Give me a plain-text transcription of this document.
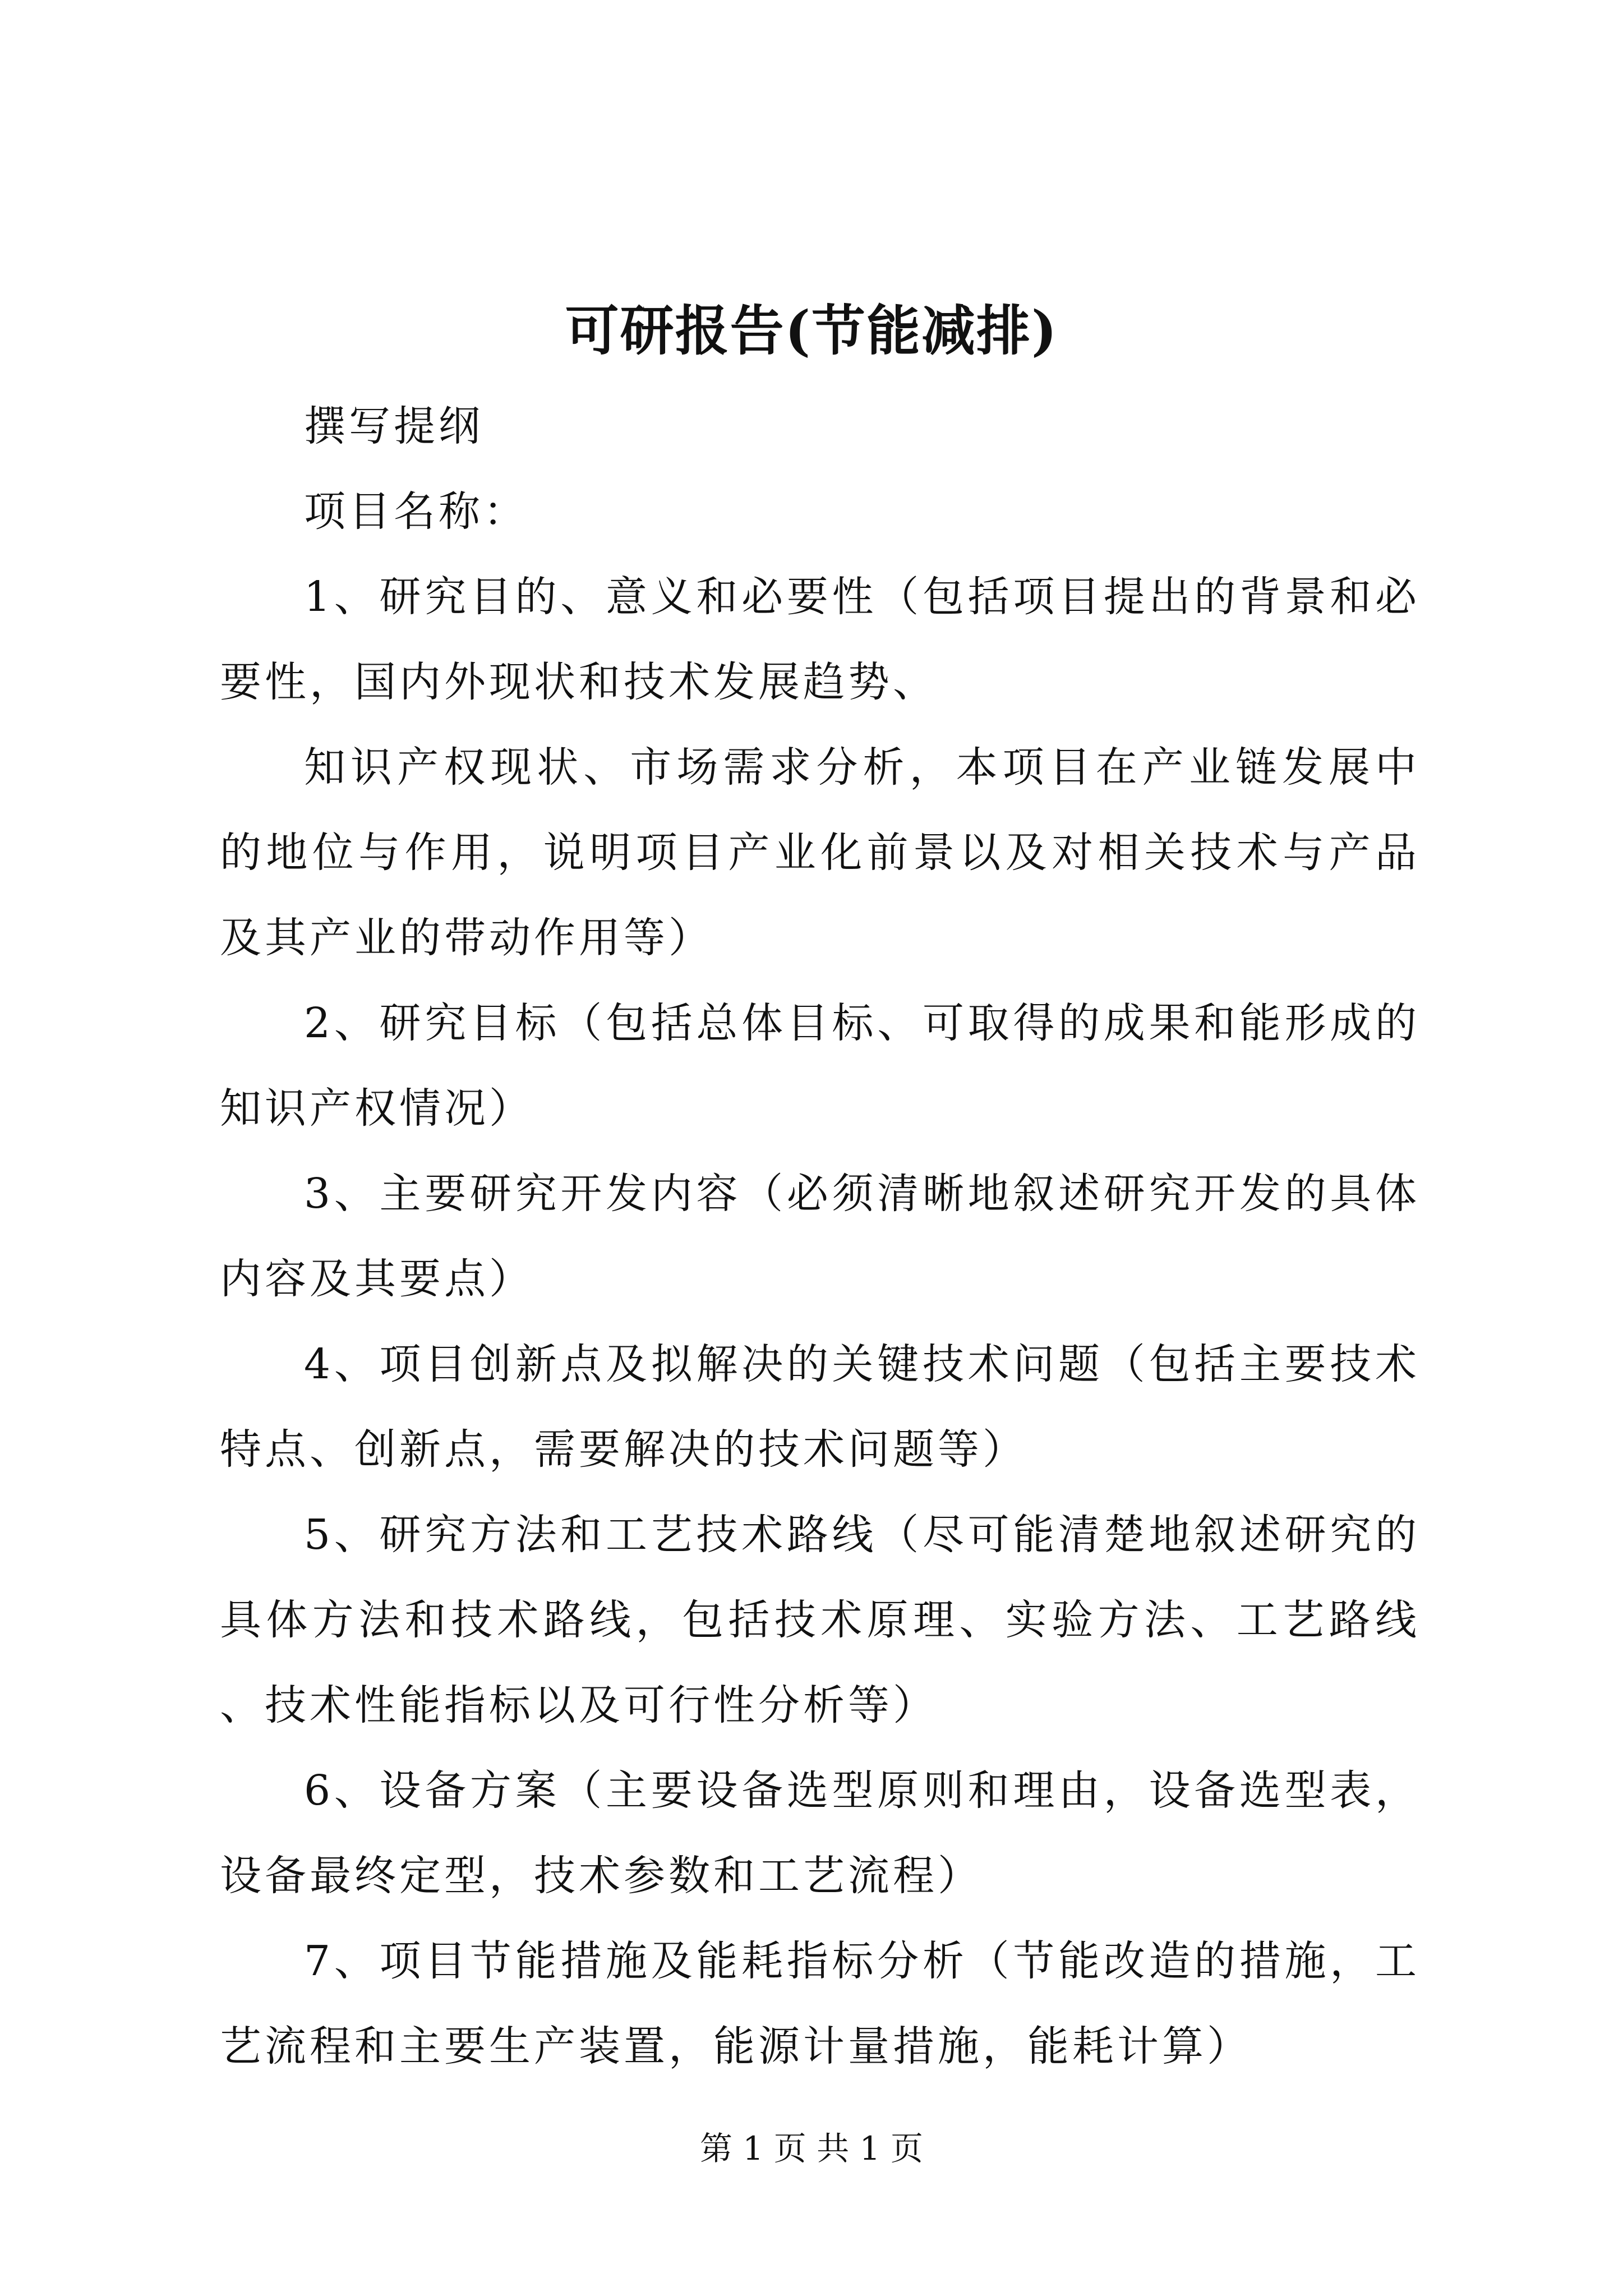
可研报告(节能减排)

撰写提纲

项目名称：

1、研究目的、意义和必要性（包括项目提出的背景和必要性，国内外现状和技术发展趋势、

知识产权现状、市场需求分析，本项目在产业链发展中的地位与作用，说明项目产业化前景以及对相关技术与产品及其产业的带动作用等）

2、研究目标（包括总体目标、可取得的成果和能形成的知识产权情况）

3、主要研究开发内容（必须清晰地叙述研究开发的具体内容及其要点）

4、项目创新点及拟解决的关键技术问题（包括主要技术特点、创新点，需要解决的技术问题等）

5、研究方法和工艺技术路线（尽可能清楚地叙述研究的具体方法和技术路线，包括技术原理、实验方法、工艺路线、技术性能指标以及可行性分析等）

6、设备方案（主要设备选型原则和理由，设备选型表，设备最终定型，技术参数和工艺流程）

7、项目节能措施及能耗指标分析（节能改造的措施，工艺流程和主要生产装置，能源计量措施，能耗计算）

第 1 页 共 1 页
